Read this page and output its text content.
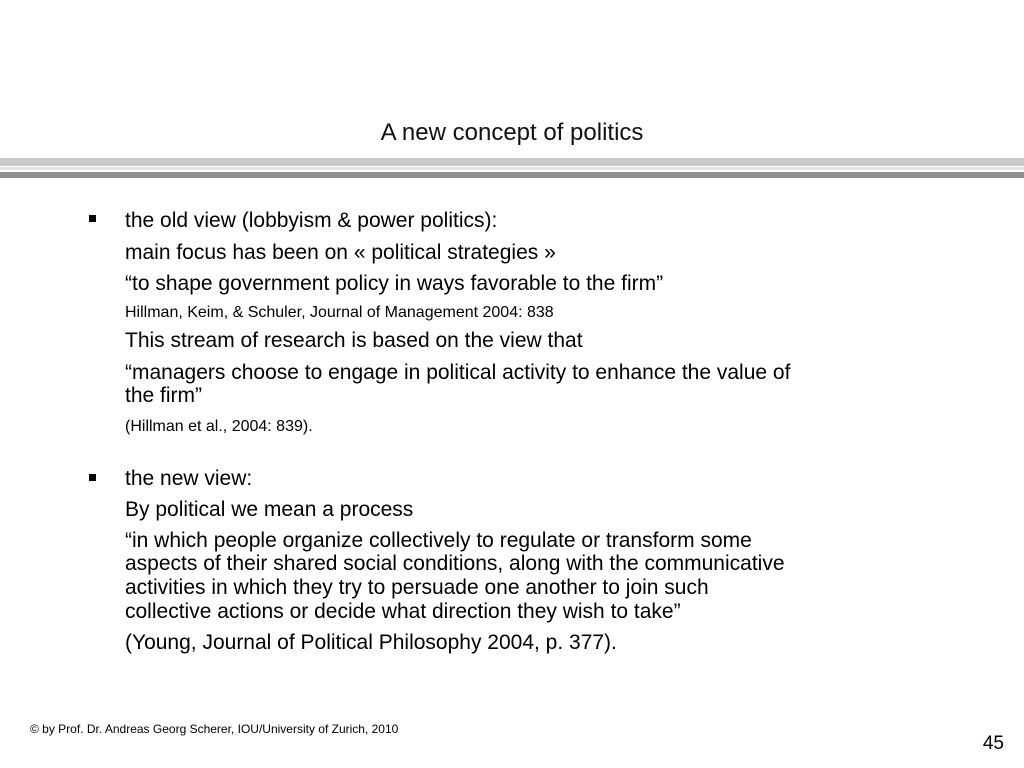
A new concept of politics
the old view (lobbyism & power politics):
main focus has been on « political strategies »
“to shape government policy in ways favorable to the firm”
Hillman, Keim, & Schuler, Journal of Management 2004: 838
This stream of research is based on the view that
“managers choose to engage in political activity to enhance the value of
the firm”
(Hillman et al., 2004: 839).
the new view:
By political we mean a process
“in which people organize collectively to regulate or transform some
aspects of their shared social conditions, along with the communicative
activities in which they try to persuade one another to join such
collective actions or decide what direction they wish to take”
(Young, Journal of Political Philosophy 2004, p. 377).
© by Prof. Dr. Andreas Georg Scherer, IOU/University of Zurich, 2010
45
